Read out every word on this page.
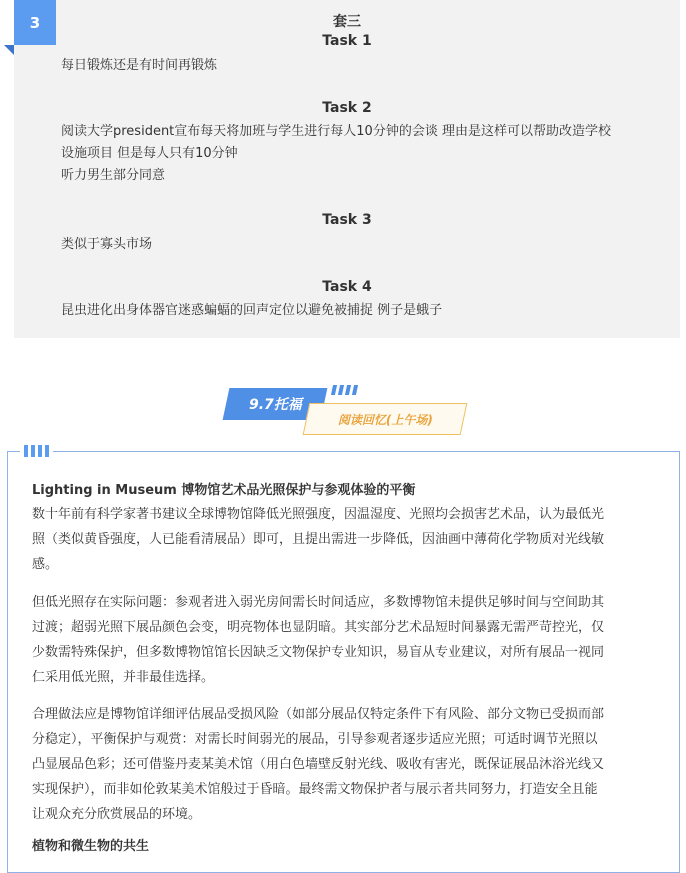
3	套三
Task 1
每日锻炼还是有时间再锻炼
Task 2
阅读大学president宣布每天将加班与学生进行每人10分钟的会谈 理由是这样可以帮助改造学校
设施项目 但是每人只有10分钟
听力男生部分同意
Task 3
类似于寡头市场
Task 4
昆虫进化出身体器官迷惑蝙蝠的回声定位以避免被捕捉 例子是蛾子
9.7托福
阅读回忆(上午场)
Lighting in Museum 博物馆艺术品光照保护与参观体验的平衡
数十年前有科学家著书建议全球博物馆降低光照强度，因温湿度、光照均会损害艺术品，认为最低光
照（类似黄昏强度，人已能看清展品）即可，且提出需进一步降低，因油画中薄荷化学物质对光线敏
感。
但低光照存在实际问题：参观者进入弱光房间需长时间适应，多数博物馆未提供足够时间与空间助其
过渡；超弱光照下展品颜色会变，明亮物体也显阴暗。其实部分艺术品短时间暴露无需严苛控光，仅
少数需特殊保护，但多数博物馆馆长因缺乏文物保护专业知识，易盲从专业建议，对所有展品一视同
仁采用低光照，并非最佳选择。
合理做法应是博物馆详细评估展品受损风险（如部分展品仅特定条件下有风险、部分文物已受损而部
分稳定），平衡保护与观赏：对需长时间弱光的展品，引导参观者逐步适应光照；可适时调节光照以
凸显展品色彩；还可借鉴丹麦某美术馆（用白色墙壁反射光线、吸收有害光，既保证展品沐浴光线又
实现保护），而非如伦敦某美术馆般过于昏暗。最终需文物保护者与展示者共同努力，打造安全且能
让观众充分欣赏展品的环境。
植物和微生物的共生
